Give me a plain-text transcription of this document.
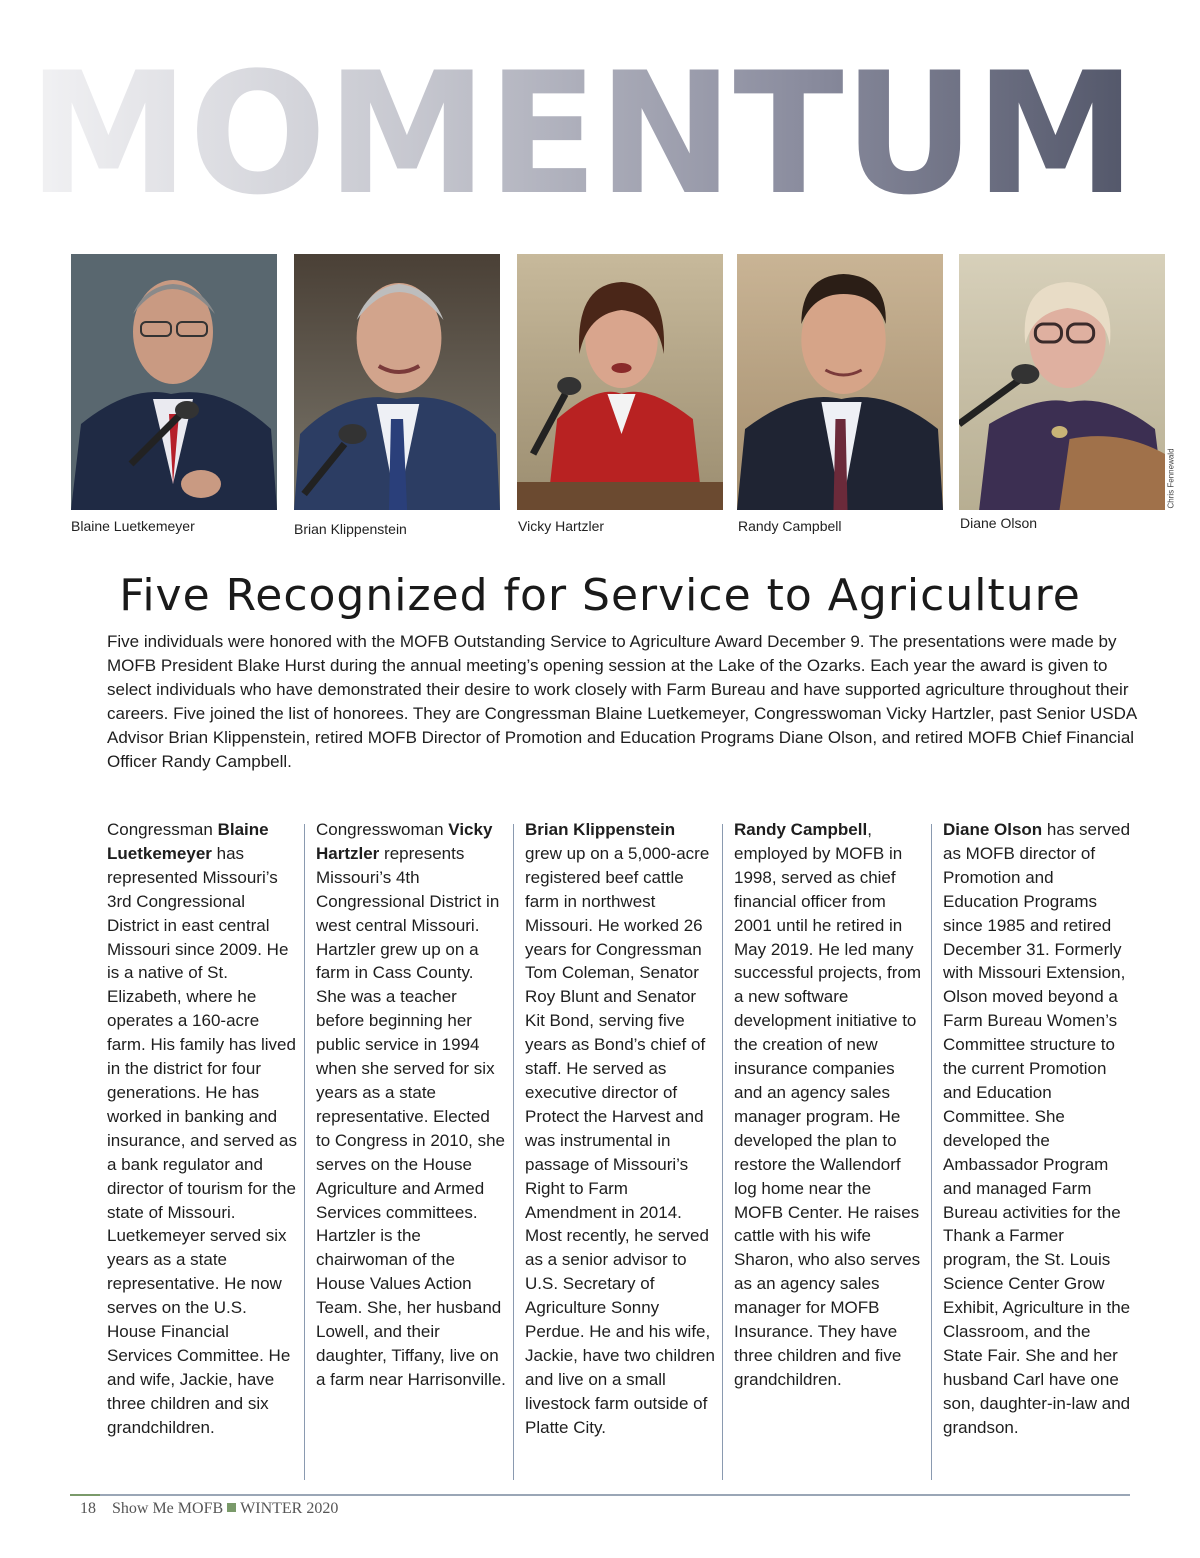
MOMENTUM
Blaine Luetkemeyer	Brian Klippenstein	Vicky Hartzler	Randy Campbell	Diane Olson
Chris Fennewald
Five Recognized for Service to Agriculture

Five individuals were honored with the MOFB Outstanding Service to Agriculture Award December 9. The presentations were made by MOFB President Blake Hurst during the annual meeting’s opening session at the Lake of the Ozarks. Each year the award is given to select individuals who have demonstrated their desire to work closely with Farm Bureau and have supported agriculture throughout their careers. Five joined the list of honorees. They are Congressman Blaine Luetkemeyer, Congresswoman Vicky Hartzler, past Senior USDA Advisor Brian Klippenstein, retired MOFB Director of Promotion and Education Programs Diane Olson, and retired MOFB Chief Financial Officer Randy Campbell.

Congressman Blaine Luetkemeyer has represented Missouri’s 3rd Congressional District in east central Missouri since 2009. He is a native of St. Elizabeth, where he operates a 160-acre farm. His family has lived in the district for four generations. He has worked in banking and insurance, and served as a bank regulator and director of tourism for the state of Missouri. Luetkemeyer served six years as a state representative. He now serves on the U.S. House Financial Services Committee. He and wife, Jackie, have three children and six grandchildren.
Congresswoman Vicky Hartzler represents Missouri’s 4th Congressional District in west central Missouri. Hartzler grew up on a farm in Cass County. She was a teacher before beginning her public service in 1994 when she served for six years as a state representative. Elected to Congress in 2010, she serves on the House Agriculture and Armed Services committees. Hartzler is the chairwoman of the House Values Action Team. She, her husband Lowell, and their daughter, Tiffany, live on a farm near Harrisonville.
Brian Klippenstein grew up on a 5,000-acre registered beef cattle farm in northwest Missouri. He worked 26 years for Congressman Tom Coleman, Senator Roy Blunt and Senator Kit Bond, serving five years as Bond’s chief of staff. He served as executive director of Protect the Harvest and was instrumental in passage of Missouri’s Right to Farm Amendment in 2014. Most recently, he served as a senior advisor to U.S. Secretary of Agriculture Sonny Perdue. He and his wife, Jackie, have two children and live on a small livestock farm outside of Platte City.
Randy Campbell, employed by MOFB in 1998, served as chief financial officer from 2001 until he retired in May 2019. He led many successful projects, from a new software development initiative to the creation of new insurance companies and an agency sales manager program. He developed the plan to restore the Wallendorf log home near the MOFB Center. He raises cattle with his wife Sharon, who also serves as an agency sales manager for MOFB Insurance. They have three children and five grandchildren.
Diane Olson has served as MOFB director of Promotion and Education Programs since 1985 and retired December 31. Formerly with Missouri Extension, Olson moved beyond a Farm Bureau Women’s Committee structure to the current Promotion and Education Committee. She developed the Ambassador Program and managed Farm Bureau activities for the Thank a Farmer program, the St. Louis Science Center Grow Exhibit, Agriculture in the Classroom, and the State Fair. She and her husband Carl have one son, daughter-in-law and grandson.
18 Show Me MOFB WINTER 2020
